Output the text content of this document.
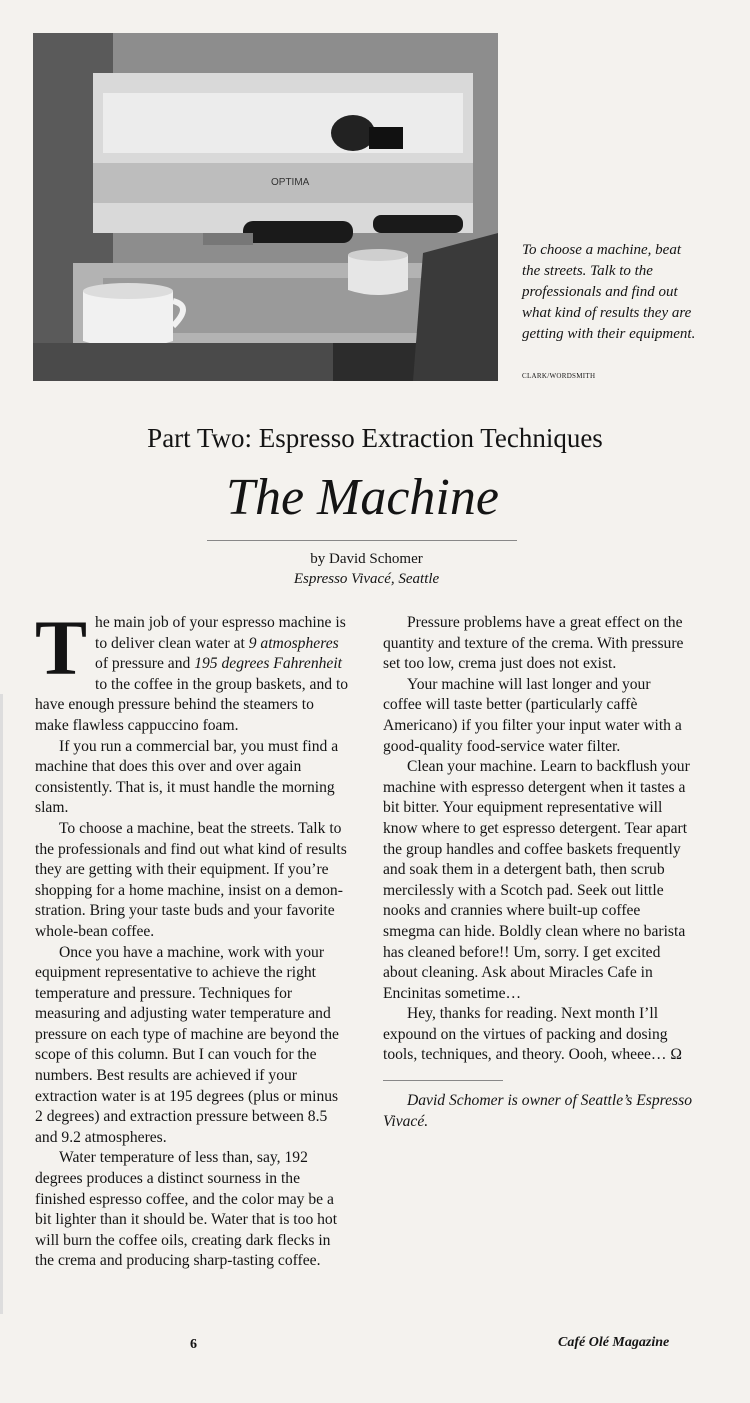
OPTIMA
To choose a machine, beat the streets. Talk to the professionals and find out what kind of results they are getting with their equipment.
CLARK/WORDSMITH
Part Two: Espresso Extraction Techniques
The Machine
by David Schomer
Espresso Vivacé, Seattle

The main job of your espresso machine is to deliver clean water at 9 atmospheres of pressure and 195 degrees Fahrenheit to the coffee in the group baskets, and to have enough pressure behind the steamers to make flawless cappuccino foam.

If you run a commercial bar, you must find a machine that does this over and over again consistently. That is, it must handle the morning slam.

To choose a machine, beat the streets. Talk to the professionals and find out what kind of results they are getting with their equipment. If you’re shopping for a home machine, insist on a demonstration. Bring your taste buds and your favorite whole-bean coffee.

Once you have a machine, work with your equipment representative to achieve the right temperature and pressure. Techniques for measuring and adjusting water temperature and pressure on each type of machine are beyond the scope of this column. But I can vouch for the numbers. Best results are achieved if your extraction water is at 195 degrees (plus or minus 2 degrees) and extraction pressure between 8.5 and 9.2 atmospheres.

Water temperature of less than, say, 192 degrees produces a distinct sourness in the finished espresso coffee, and the color may be a bit lighter than it should be. Water that is too hot will burn the coffee oils, creating dark flecks in the crema and producing sharp-tasting coffee.

Pressure problems have a great effect on the quantity and texture of the crema. With pressure set too low, crema just does not exist.

Your machine will last longer and your coffee will taste better (particularly caffè Americano) if you filter your input water with a good-quality food-service water filter.

Clean your machine. Learn to backflush your machine with espresso detergent when it tastes a bit bitter. Your equipment representative will know where to get espresso detergent. Tear apart the group handles and coffee baskets frequently and soak them in a detergent bath, then scrub mercilessly with a Scotch pad. Seek out little nooks and crannies where built-up coffee smegma can hide. Boldly clean where no barista has cleaned before!! Um, sorry. I get excited about cleaning. Ask about Miracles Cafe in Encinitas sometime…

Hey, thanks for reading. Next month I’ll expound on the virtues of packing and dosing tools, techniques, and theory. Oooh, wheee… Ω

David Schomer is owner of Seattle’s Espresso Vivacé.

6	Café Olé Magazine
